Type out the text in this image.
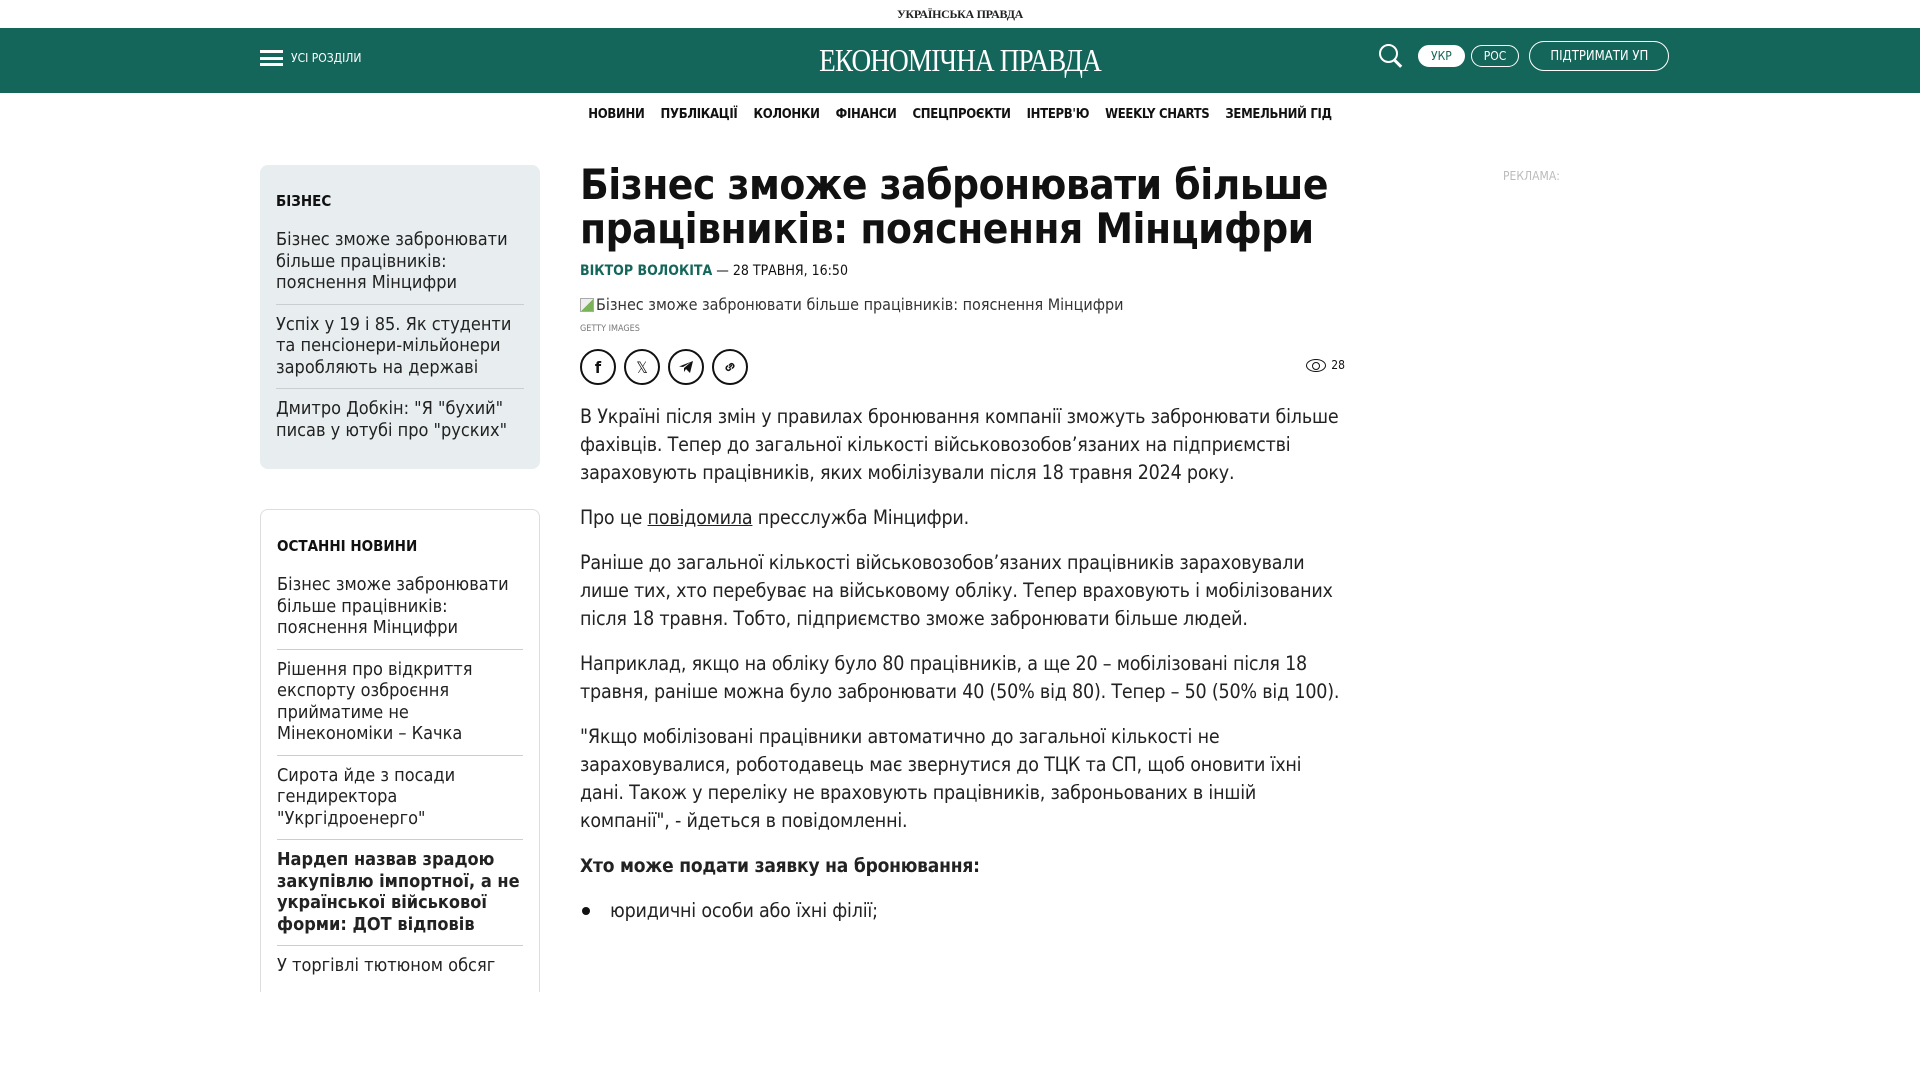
УКРАЇНСЬКА ПРАВДА
УСІ РОЗДІЛИ	ЕКОНОМІЧНА ПРАВДА	УКР	РОС	ПІДТРИМАТИ УП
НОВИНИ ПУБЛІКАЦІЇ КОЛОНКИ ФІНАНСИ СПЕЦПРОЄКТИ ІНТЕРВ'Ю WEEKLY CHARTS ЗЕМЕЛЬНИЙ ГІД
БІЗНЕС
Бізнес зможе забронювати більше працівників: пояснення Мінцифри
Успіх у 19 і 85. Як студенти та пенсіонери-мільйонери заробляють на державі
Дмитро Добкін: "Я "бухий" писав у ютубі про "руских"
ОСТАННІ НОВИНИ
Бізнес зможе забронювати більше працівників: пояснення Мінцифри
Рішення про відкриття експорту озброєння прийматиме не Мінекономіки – Качка
Сирота йде з посади гендиректора "Укргідроенерго"
Нардеп назвав зрадою закупівлю імпортної, а не української військової форми: ДОТ відповів
У торгівлі тютюном обсяг
Бізнес зможе забронювати більше працівників: пояснення Мінцифри
ВІКТОР ВОЛОКІТА — 28 ТРАВНЯ, 16:50
Бізнес зможе забронювати більше працівників: пояснення Мінцифри
GETTY IMAGES
f	𝕏	28

В Україні після змін у правилах бронювання компанії зможуть забронювати більше фахівців. Тепер до загальної кількості військовозобов’язаних на підприємстві зараховують працівників, яких мобілізували після 18 травня 2024 року.

Про це повідомила пресслужба Мінцифри.

Раніше до загальної кількості військовозобов’язаних працівників зараховували лише тих, хто перебуває на військовому обліку. Тепер враховують і мобілізованих після 18 травня. Тобто, підприємство зможе забронювати більше людей.

Наприклад, якщо на обліку було 80 працівників, а ще 20 – мобілізовані після 18 травня, раніше можна було забронювати 40 (50% від 80). Тепер – 50 (50% від 100).

"Якщо мобілізовані працівники автоматично до загальної кількості не зараховувалися, роботодавець має звернутися до ТЦК та СП, щоб оновити їхні дані. Також у переліку не враховують працівників, заброньованих в іншій компанії", - йдеться в повідомленні.

Хто може подати заявку на бронювання:
юридичні особи або їхні філії;
РЕКЛАМА:
